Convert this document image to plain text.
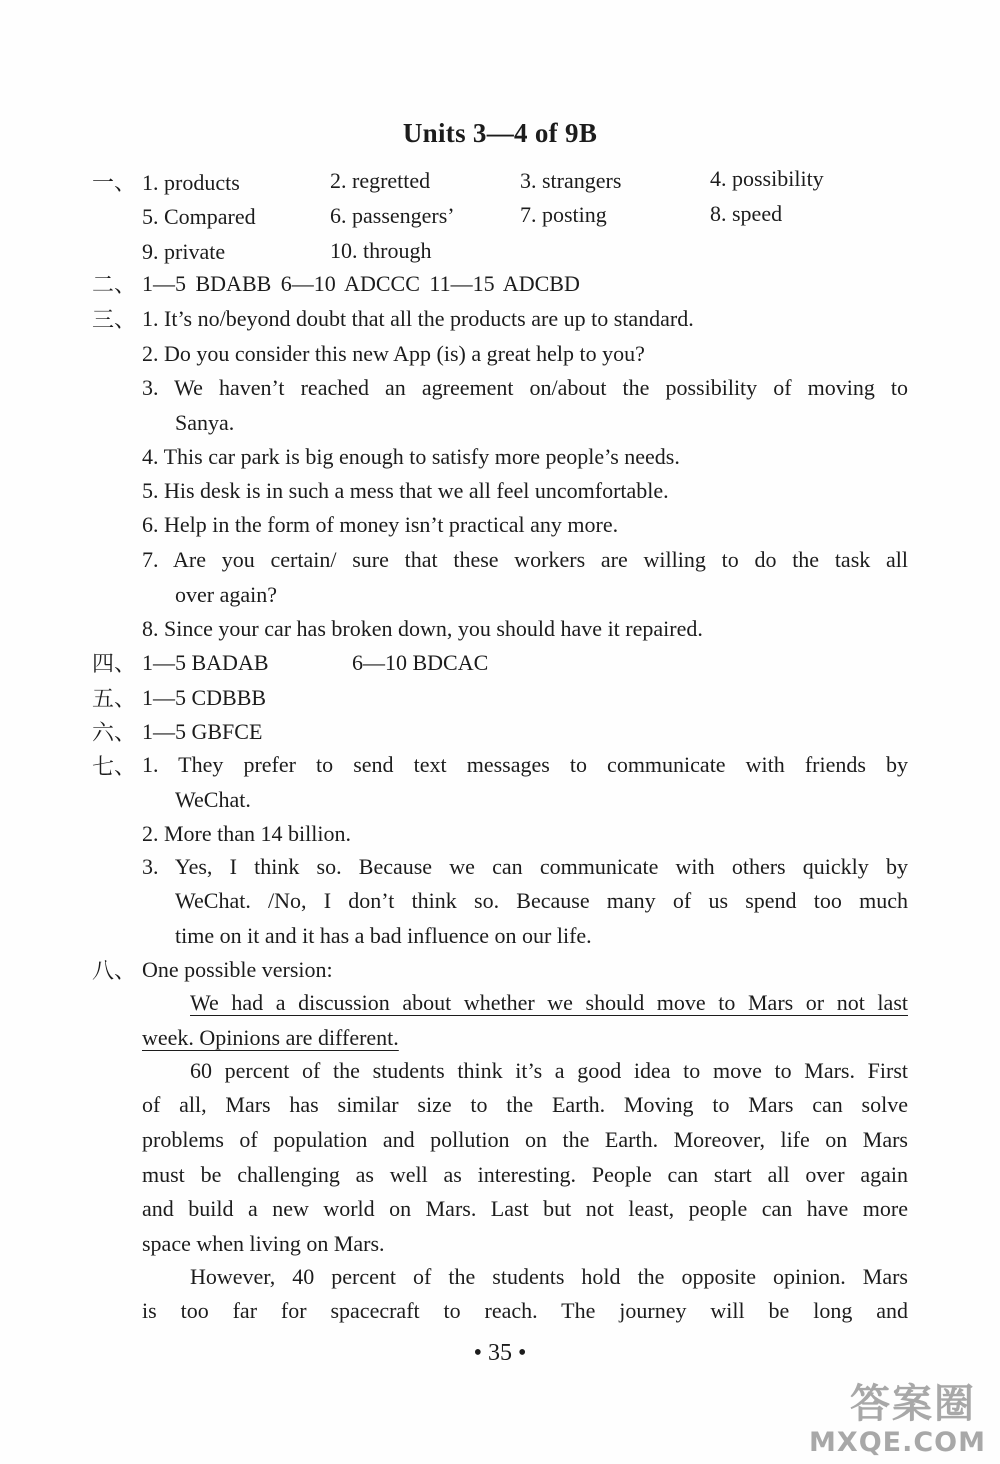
Units 3—4 of 9B
一、 1. products	2. regretted	3. strangers	4. possibility
5. Compared	6. passengers’	7. posting	8. speed
9. private	10. through
二、 1—5 BDABB 6—10 ADCCC 11—15 ADCBD
三、 1. It’s no/beyond doubt that all the products are up to standard.
2. Do you consider this new App (is) a great help to you?
3. We haven’t reached an agreement on/about the possibility of moving to
Sanya.
4. This car park is big enough to satisfy more people’s needs.
5. His desk is in such a mess that we all feel uncomfortable.
6. Help in the form of money isn’t practical any more.
7. Are you certain/ sure that these workers are willing to do the task all
over again?
8. Since your car has broken down, you should have it repaired.
四、 1—5 BADAB	6—10 BDCAC
五、 1—5 CDBBB
六、 1—5 GBFCE
七、 1. They prefer to send text messages to communicate with friends by
WeChat.
2. More than 14 billion.
3. Yes, I think so. Because we can communicate with others quickly by
WeChat. /No, I don’t think so. Because many of us spend too much
time on it and it has a bad influence on our life.
八、 One possible version:
We had a discussion about whether we should move to Mars or not last
week. Opinions are different.
60 percent of the students think it’s a good idea to move to Mars. First
of all, Mars has similar size to the Earth. Moving to Mars can solve
problems of population and pollution on the Earth. Moreover, life on Mars
must be challenging as well as interesting. People can start all over again
and build a new world on Mars. Last but not least, people can have more
space when living on Mars.
However, 40 percent of the students hold the opposite opinion. Mars
is too far for spacecraft to reach. The journey will be long and
• 35 •
答案圈
MXQE.COM
